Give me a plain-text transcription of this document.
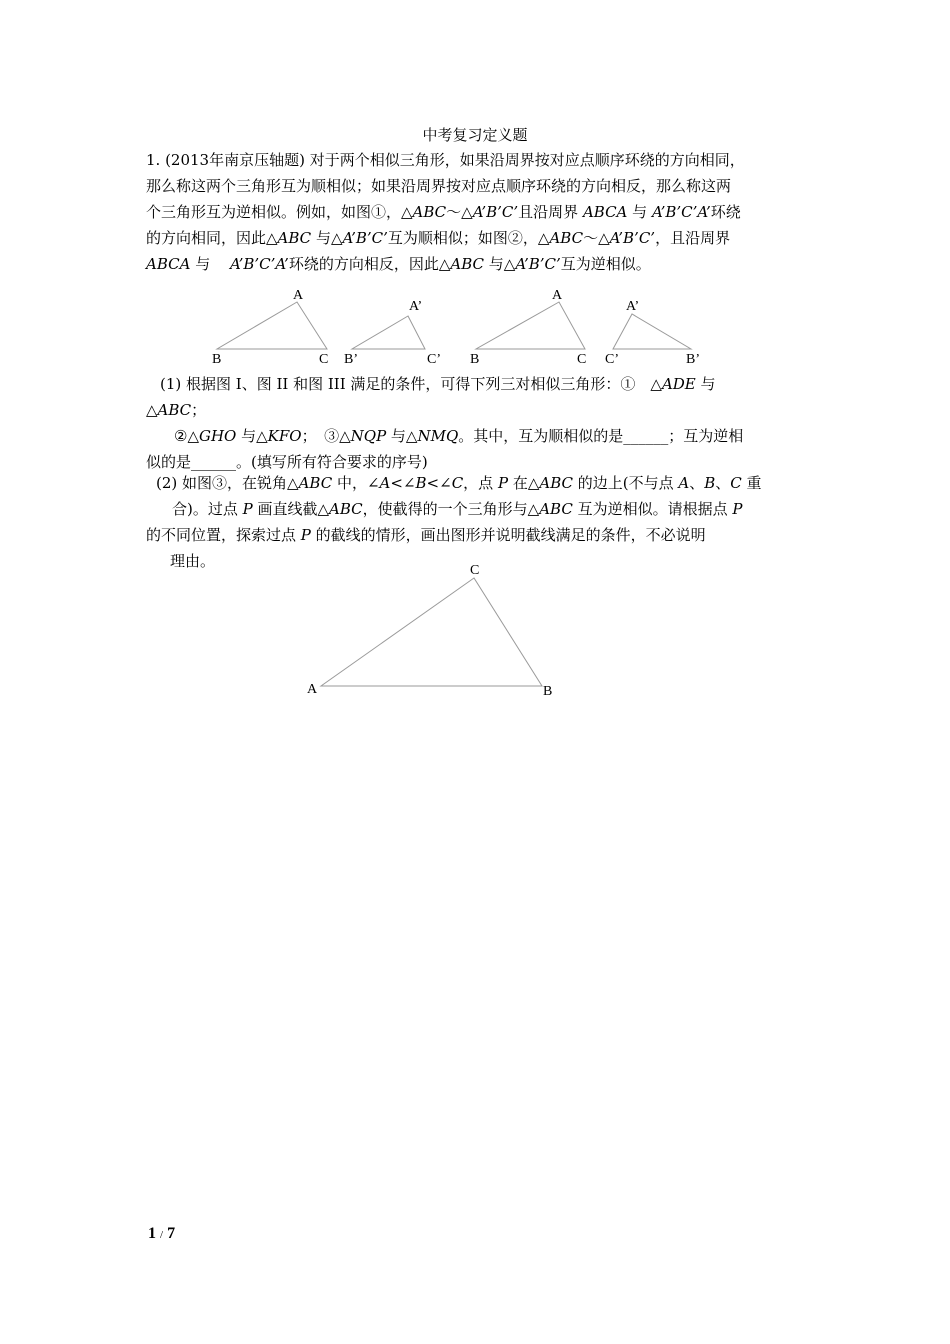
中考复习定义题
1. (2013年南京压轴题) 对于两个相似三角形，如果沿周界按对应点顺序环绕的方向相同，
那么称这两个三角形互为顺相似；如果沿周界按对应点顺序环绕的方向相反，那么称这两
个三角形互为逆相似。例如，如图①，△ABC～△A’B’C’且沿周界 ABCA 与 A’B’C’A’环绕
的方向相同，因此△ABC 与△A’B’C’互为顺相似；如图②，△ABC～△A’B’C’，且沿周界
ABCA 与　 A’B’C’A’环绕的方向相反，因此△ABC 与△A’B’C’互为逆相似。
A
B	C
A’
B’	C’
A
B	C
A’
C’	B’
C
A	B
(1) 根据图 I、图 II 和图 III 满足的条件，可得下列三对相似三角形：①　△ADE 与
△ABC；
②△GHO 与△KFO；　③△NQP 与△NMQ。其中，互为顺相似的是______；互为逆相
似的是______。(填写所有符合要求的序号)
(2) 如图③，在锐角△ABC 中，∠A<∠B<∠C，点 P 在△ABC 的边上(不与点 A、B、C 重
合)。过点 P 画直线截△ABC，使截得的一个三角形与△ABC 互为逆相似。请根据点 P
的不同位置，探索过点 P 的截线的情形，画出图形并说明截线满足的条件，不必说明
理由。
1 / 7
